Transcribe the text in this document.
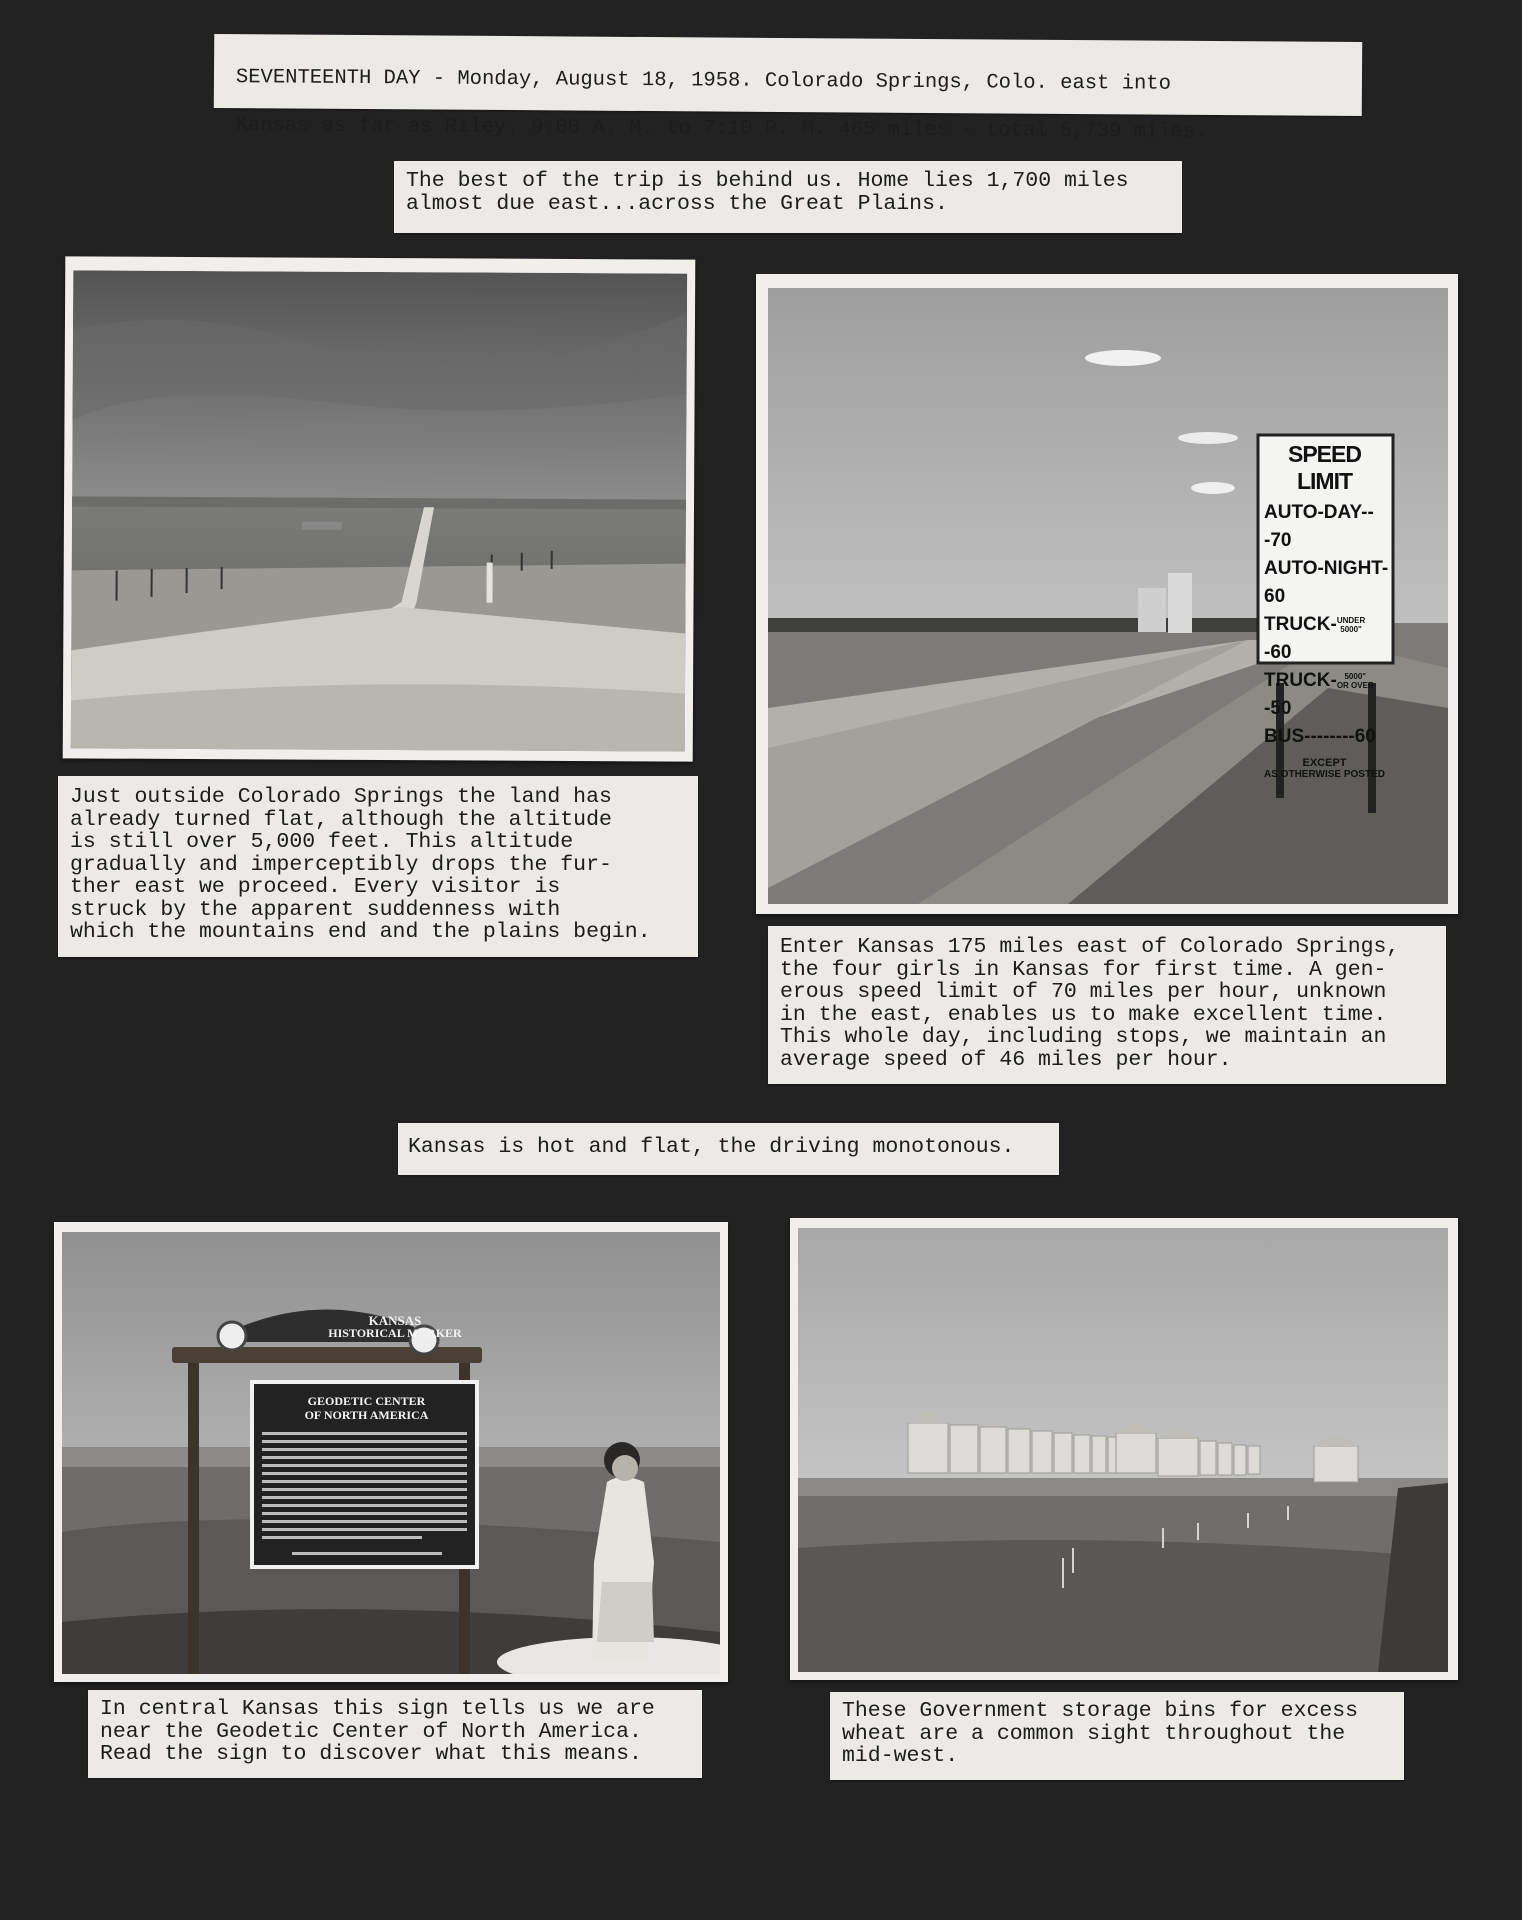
SEVENTEENTH DAY - Monday, August 18, 1958. Colorado Springs, Colo. east into

Kansas as far as Riley. 9:00 A. M. to 7:10 P. M. 465 miles - total 5,739 miles.

The best of the trip is behind us. Home lies 1,700 miles
almost due east...across the Great Plains.
Just outside Colorado Springs the land has
already turned flat, although the altitude
is still over 5,000 feet. This altitude
gradually and imperceptibly drops the fur-
ther east we proceed. Every visitor is
struck by the apparent suddenness with
which the mountains end and the plains begin.
SPEED LIMIT
AUTO-DAY---70
AUTO-NIGHT-60
TRUCK-UNDER
5000"-60
TRUCK- 5000"
OR OVER-50
BUS--------60
EXCEPT
AS OTHERWISE POSTED
Enter Kansas 175 miles east of Colorado Springs,
the four girls in Kansas for first time. A gen-
erous speed limit of 70 miles per hour, unknown
in the east, enables us to make excellent time.
This whole day, including stops, we maintain an
average speed of 46 miles per hour.
Kansas is hot and flat, the driving monotonous.
KANSAS
HISTORICAL MARKER
GEODETIC CENTER
OF NORTH AMERICA
In central Kansas this sign tells us we are
near the Geodetic Center of North America.
Read the sign to discover what this means.
These Government storage bins for excess
wheat are a common sight throughout the
mid-west.
